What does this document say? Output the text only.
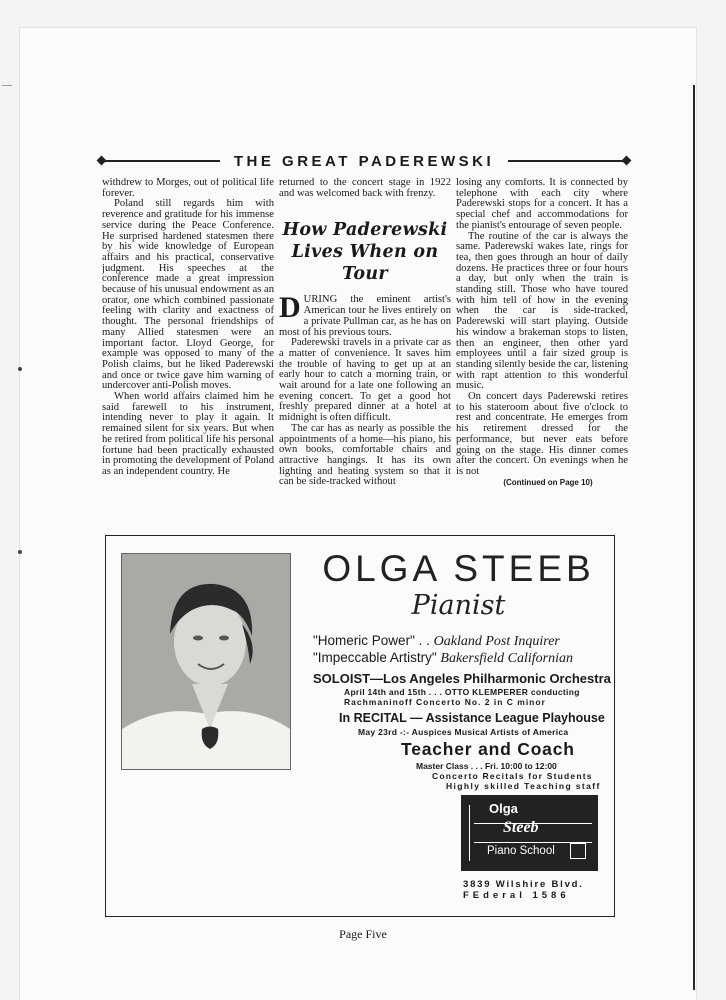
―
THE GREAT PADEREWSKI

withdrew to Morges, out of political life forever.

Poland still regards him with reverence and gratitude for his immense service during the Peace Conference. He surprised hardened statesmen there by his wide knowledge of European affairs and his practical, conservative judgment. His speeches at the conference made a great impression because of his unusual endowment as an orator, one which combined passionate feeling with clarity and exactness of thought. The personal friendships of many Allied statesmen were an important factor. Lloyd George, for example was opposed to many of the Polish claims, but he liked Paderewski and once or twice gave him warning of undercover anti-Polish moves.

When world affairs claimed him he said farewell to his instrument, intending never to play it again. It remained silent for six years. But when he retired from political life his personal fortune had been practically exhausted in promoting the development of Poland as an independent country. He

returned to the concert stage in 1922 and was welcomed back with frenzy.

How Paderewski Lives When on Tour

DURING the eminent artist's American tour he lives entirely on a private Pullman car, as he has on most of his previous tours.

Paderewski travels in a private car as a matter of convenience. It saves him the trouble of having to get up at an early hour to catch a morning train, or wait around for a late one following an evening concert. To get a good hot freshly prepared dinner at a hotel at midnight is often difficult.

The car has as nearly as possible the appointments of a home—his piano, his own books, comfortable chairs and attractive hangings. It has its own lighting and heating system so that it can be side-tracked without

losing any comforts. It is connected by telephone with each city where Paderewski stops for a concert. It has a special chef and accommodations for the pianist's entourage of seven people.

The routine of the car is always the same. Paderewski wakes late, rings for tea, then goes through an hour of daily dozens. He practices three or four hours a day, but only when the train is standing still. Those who have toured with him tell of how in the evening when the car is side-tracked, Paderewski will start playing. Outside his window a brakeman stops to listen, then an engineer, then other yard employees until a fair sized group is standing silently beside the car, listening with rapt attention to this wonderful music.

On concert days Paderewski retires to his stateroom about five o'clock to rest and concentrate. He emerges from his retirement dressed for the performance, but never eats before going on the stage. His dinner comes after the concert. On evenings when he is not

(Continued on Page 10)

OLGA STEEB
Pianist
"Homeric Power" . . Oakland Post Inquirer
"Impeccable Artistry" Bakersfield Californian
SOLOIST—Los Angeles Philharmonic Orchestra
April 14th and 15th . . . OTTO KLEMPERER conducting
Rachmaninoff Concerto No. 2 in C minor
In RECITAL — Assistance League Playhouse
May 23rd -:- Auspices Musical Artists of America
Teacher and Coach
Master Class . . . Fri. 10:00 to 12:00
Concerto Recitals for Students
Highly skilled Teaching staff
Olga
Steeb
Piano School
3839 Wilshire Blvd.
FEderal 1586
Page Five
